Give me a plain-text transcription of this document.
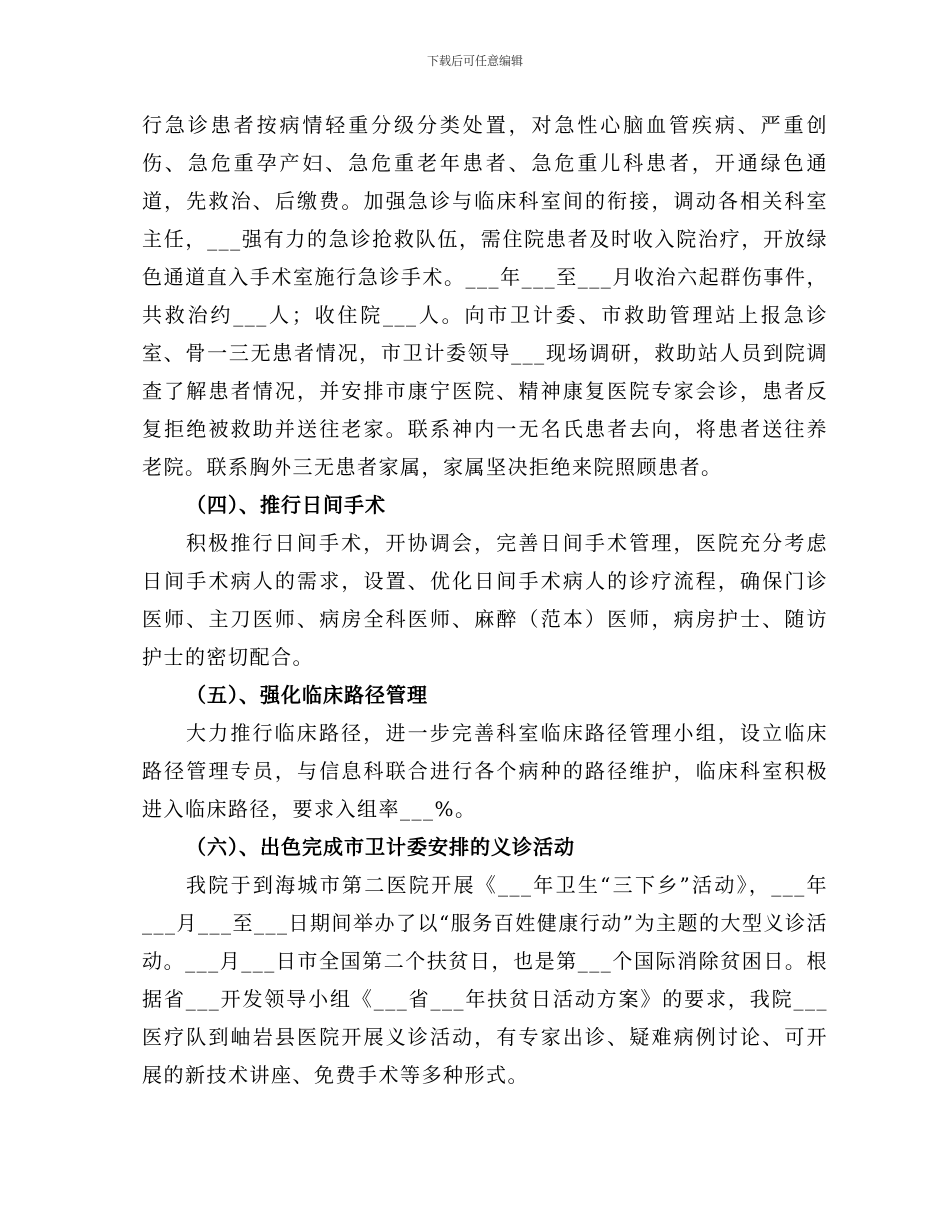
下载后可任意编辑

行急诊患者按病情轻重分级分类处置，对急性心脑血管疾病、严重创伤、急危重孕产妇、急危重老年患者、急危重儿科患者，开通绿色通道，先救治、后缴费。加强急诊与临床科室间的衔接，调动各相关科室主任，___强有力的急诊抢救队伍，需住院患者及时收入院治疗，开放绿色通道直入手术室施行急诊手术。___年___至___月收治六起群伤事件，共救治约___人；收住院___人。向市卫计委、市救助管理站上报急诊室、骨一三无患者情况，市卫计委领导___现场调研，救助站人员到院调查了解患者情况，并安排市康宁医院、精神康复医院专家会诊，患者反复拒绝被救助并送往老家。联系神内一无名氏患者去向，将患者送往养老院。联系胸外三无患者家属，家属坚决拒绝来院照顾患者。

（四）、推行日间手术

积极推行日间手术，开协调会，完善日间手术管理，医院充分考虑日间手术病人的需求，设置、优化日间手术病人的诊疗流程，确保门诊医师、主刀医师、病房全科医师、麻醉（范本）医师，病房护士、随访护士的密切配合。

（五）、强化临床路径管理

大力推行临床路径，进一步完善科室临床路径管理小组，设立临床路径管理专员，与信息科联合进行各个病种的路径维护，临床科室积极进入临床路径，要求入组率___%。

（六）、出色完成市卫计委安排的义诊活动

我院于到海城市第二医院开展《___年卫生“三下乡”活动》，___年___月___至___日期间举办了以“服务百姓健康行动”为主题的大型义诊活动。___月___日市全国第二个扶贫日，也是第___个国际消除贫困日。根据省___开发领导小组《___省___年扶贫日活动方案》的要求，我院___医疗队到岫岩县医院开展义诊活动，有专家出诊、疑难病例讨论、可开展的新技术讲座、免费手术等多种形式。
